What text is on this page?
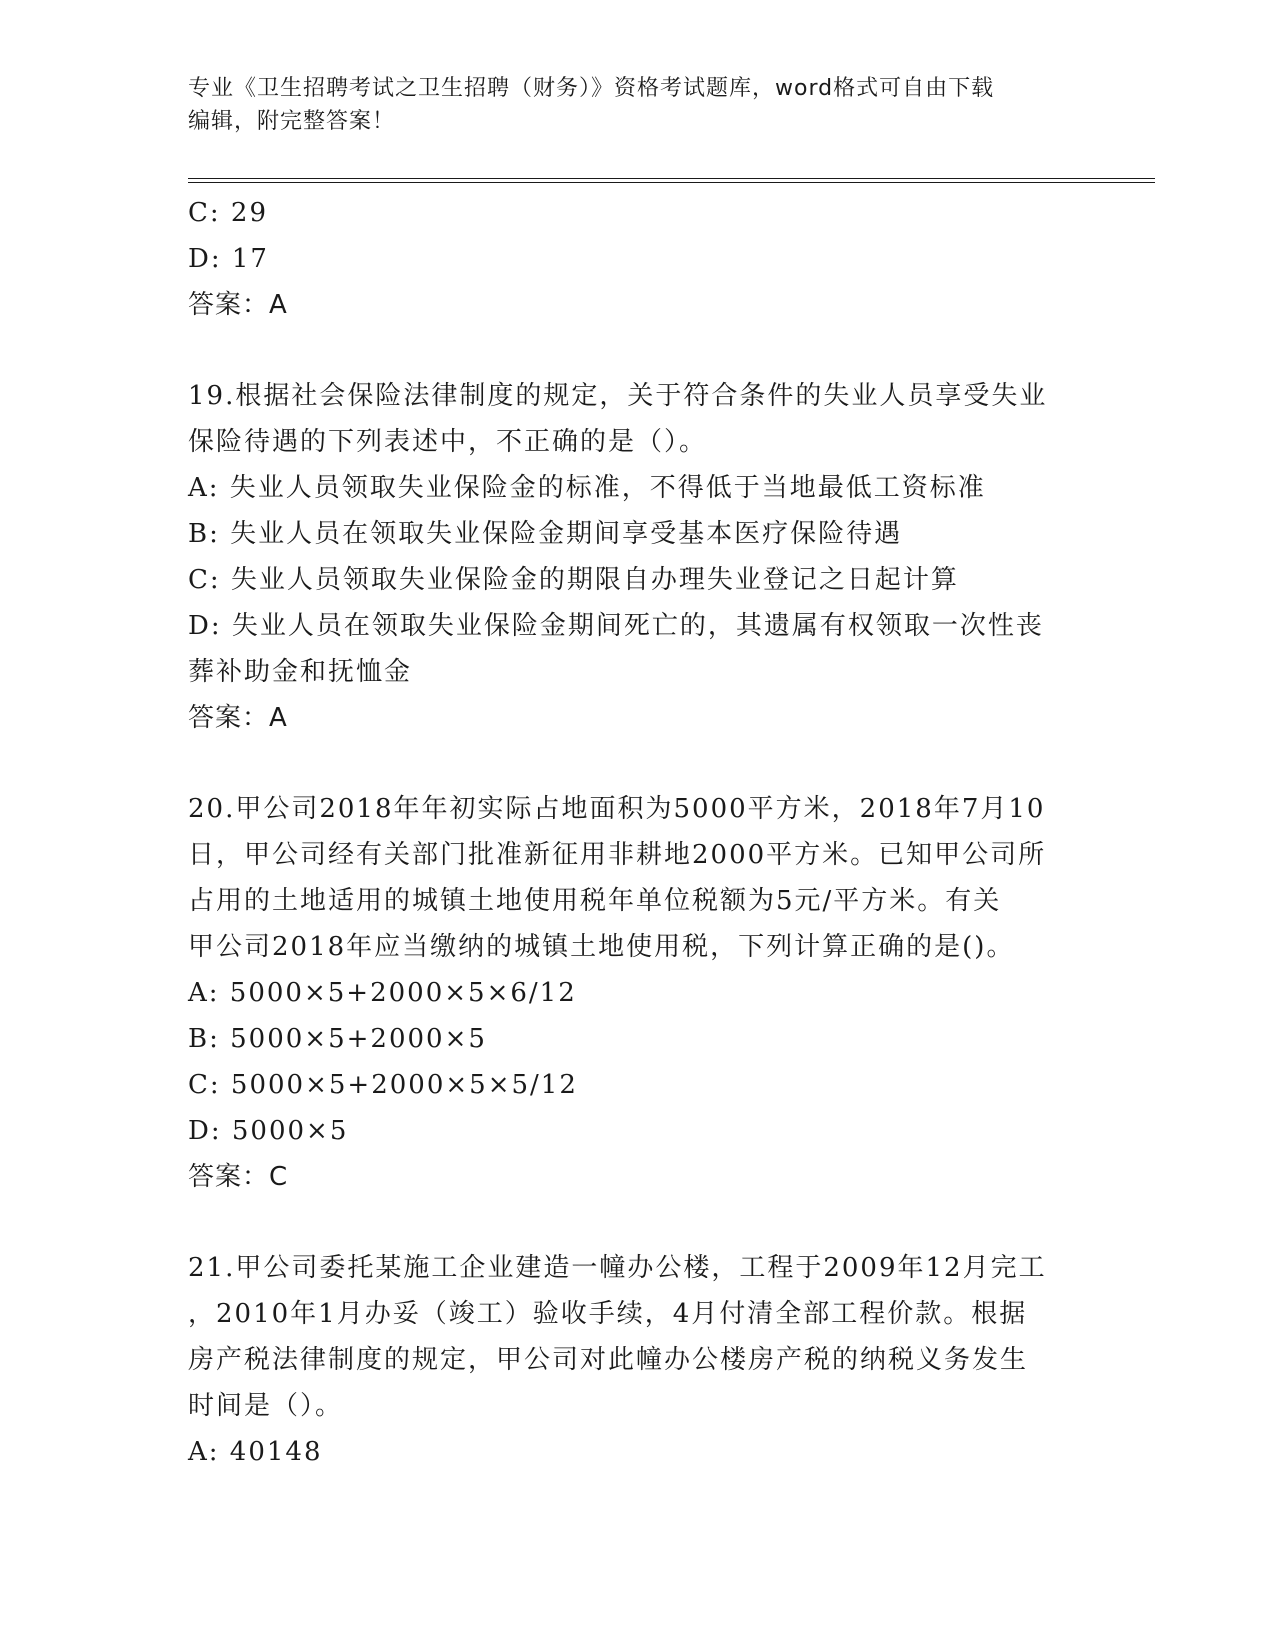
专业《卫生招聘考试之卫生招聘（财务）》资格考试题库，word格式可自由下载
编辑，附完整答案！
C: 29
D: 17
答案：A
19.根据社会保险法律制度的规定，关于符合条件的失业人员享受失业
保险待遇的下列表述中，不正确的是（）。
A: 失业人员领取失业保险金的标准，不得低于当地最低工资标准
B: 失业人员在领取失业保险金期间享受基本医疗保险待遇
C: 失业人员领取失业保险金的期限自办理失业登记之日起计算
D: 失业人员在领取失业保险金期间死亡的，其遗属有权领取一次性丧
葬补助金和抚恤金
答案：A
20.甲公司2018年年初实际占地面积为5000平方米，2018年7月10
日，甲公司经有关部门批准新征用非耕地2000平方米。已知甲公司所
占用的土地适用的城镇土地使用税年单位税额为5元/平方米。有关
甲公司2018年应当缴纳的城镇土地使用税，下列计算正确的是()。
A: 5000×5+2000×5×6/12
B: 5000×5+2000×5
C: 5000×5+2000×5×5/12
D: 5000×5
答案：C
21.甲公司委托某施工企业建造一幢办公楼，工程于2009年12月完工
，2010年1月办妥（竣工）验收手续，4月付清全部工程价款。根据
房产税法律制度的规定，甲公司对此幢办公楼房产税的纳税义务发生
时间是（）。
A: 40148
